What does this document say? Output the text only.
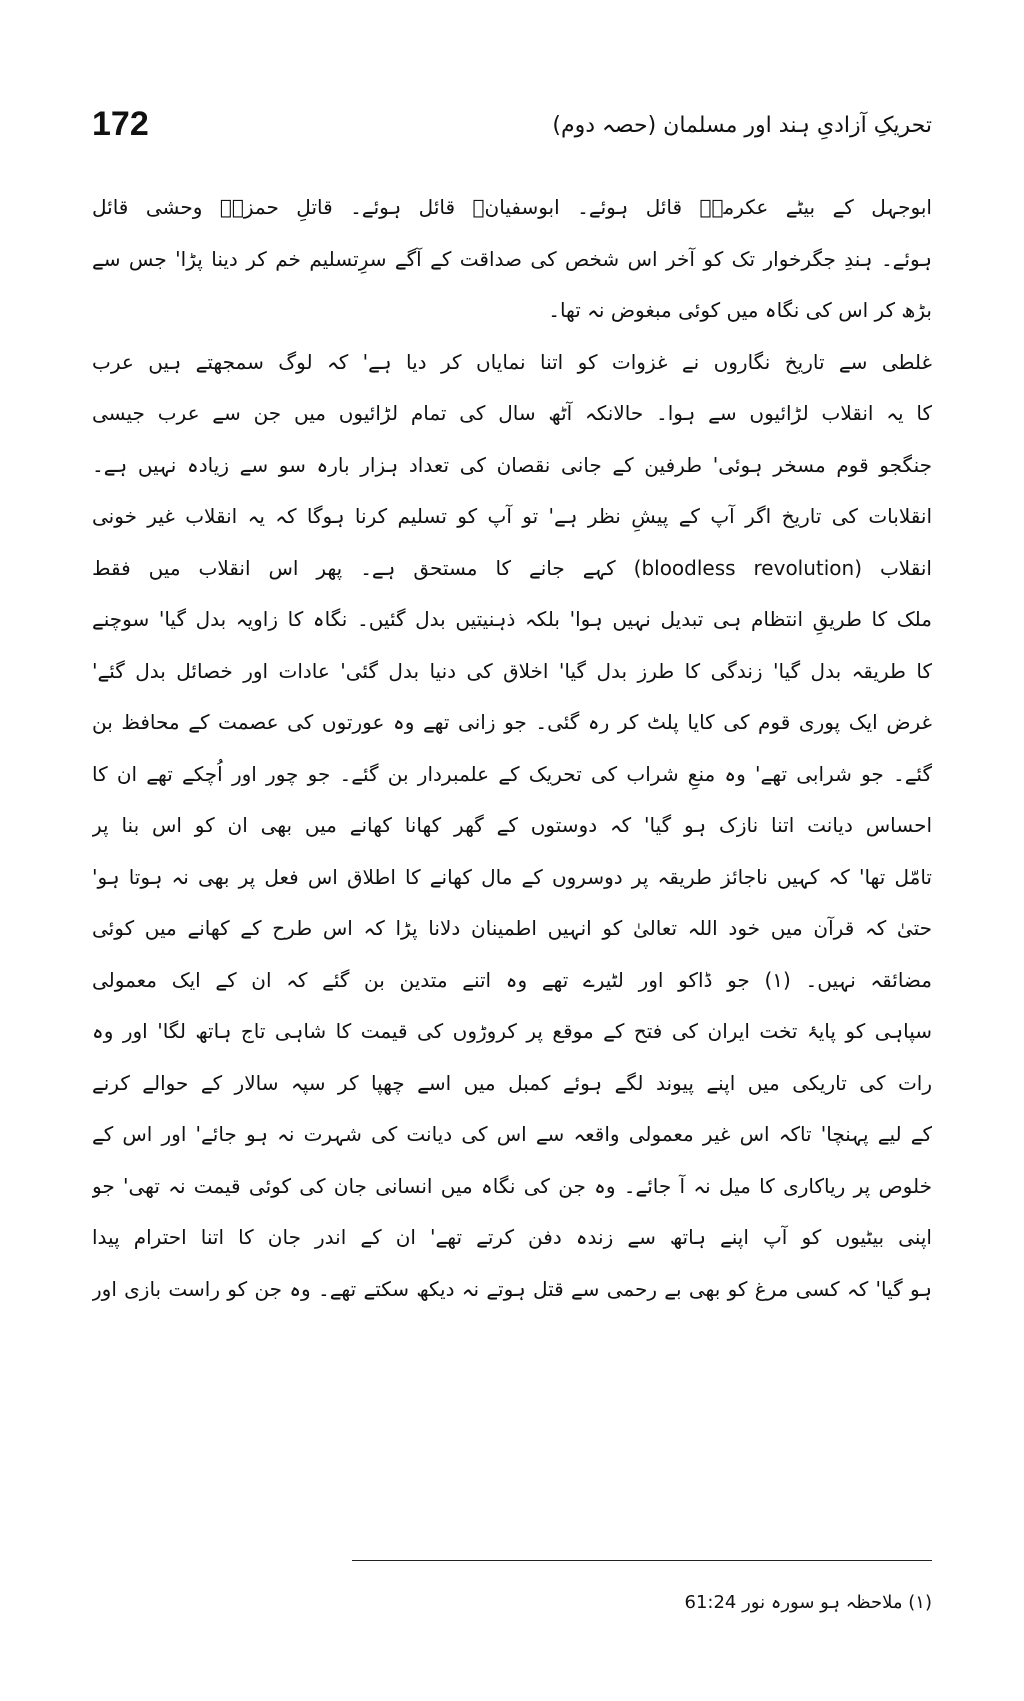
172	تحریکِ آزادیِ ہند اور مسلمان (حصہ دوم)
ابوجہل کے بیٹے عکرمہؓ قائل ہوئے۔ ابوسفیانؓ قائل ہوئے۔ قاتلِ حمزہؓ وحشی قائل
ہوئے۔ ہندِ جگرخوار تک کو آخر اس شخص کی صداقت کے آگے سرِتسلیم خم کر دینا پڑا' جس سے
بڑھ کر اس کی نگاہ میں کوئی مبغوض نہ تھا۔
غلطی سے تاریخ نگاروں نے غزوات کو اتنا نمایاں کر دیا ہے' کہ لوگ سمجھتے ہیں عرب
کا یہ انقلاب لڑائیوں سے ہوا۔ حالانکہ آٹھ سال کی تمام لڑائیوں میں جن سے عرب جیسی
جنگجو قوم مسخر ہوئی' طرفین کے جانی نقصان کی تعداد ہزار بارہ سو سے زیادہ نہیں ہے۔
انقلابات کی تاریخ اگر آپ کے پیشِ نظر ہے' تو آپ کو تسلیم کرنا ہوگا کہ یہ انقلاب غیر خونی
انقلاب (bloodless revolution) کہے جانے کا مستحق ہے۔ پھر اس انقلاب میں فقط
ملک کا طریقِ انتظام ہی تبدیل نہیں ہوا' بلکہ ذہنیتیں بدل گئیں۔ نگاہ کا زاویہ بدل گیا' سوچنے
کا طریقہ بدل گیا' زندگی کا طرز بدل گیا' اخلاق کی دنیا بدل گئی' عادات اور خصائل بدل گئے'
غرض ایک پوری قوم کی کایا پلٹ کر رہ گئی۔ جو زانی تھے وہ عورتوں کی عصمت کے محافظ بن
گئے۔ جو شرابی تھے' وہ منعِ شراب کی تحریک کے علمبردار بن گئے۔ جو چور اور اُچکے تھے ان کا
احساس دیانت اتنا نازک ہو گیا' کہ دوستوں کے گھر کھانا کھانے میں بھی ان کو اس بنا پر
تامّل تھا' کہ کہیں ناجائز طریقہ پر دوسروں کے مال کھانے کا اطلاق اس فعل پر بھی نہ ہوتا ہو'
حتیٰ کہ قرآن میں خود اللہ تعالیٰ کو انہیں اطمینان دلانا پڑا کہ اس طرح کے کھانے میں کوئی
مضائقہ نہیں۔ (۱) جو ڈاکو اور لٹیرے تھے وہ اتنے متدین بن گئے کہ ان کے ایک معمولی
سپاہی کو پایۂ تخت ایران کی فتح کے موقع پر کروڑوں کی قیمت کا شاہی تاج ہاتھ لگا' اور وہ
رات کی تاریکی میں اپنے پیوند لگے ہوئے کمبل میں اسے چھپا کر سپہ سالار کے حوالے کرنے
کے لیے پہنچا' تاکہ اس غیر معمولی واقعہ سے اس کی دیانت کی شہرت نہ ہو جائے' اور اس کے
خلوص پر ریاکاری کا میل نہ آ جائے۔ وہ جن کی نگاہ میں انسانی جان کی کوئی قیمت نہ تھی' جو
اپنی بیٹیوں کو آپ اپنے ہاتھ سے زندہ دفن کرتے تھے' ان کے اندر جان کا اتنا احترام پیدا
ہو گیا' کہ کسی مرغ کو بھی بے رحمی سے قتل ہوتے نہ دیکھ سکتے تھے۔ وہ جن کو راست بازی اور
(۱) ملاحظہ ہو سورہ نور 61:24
